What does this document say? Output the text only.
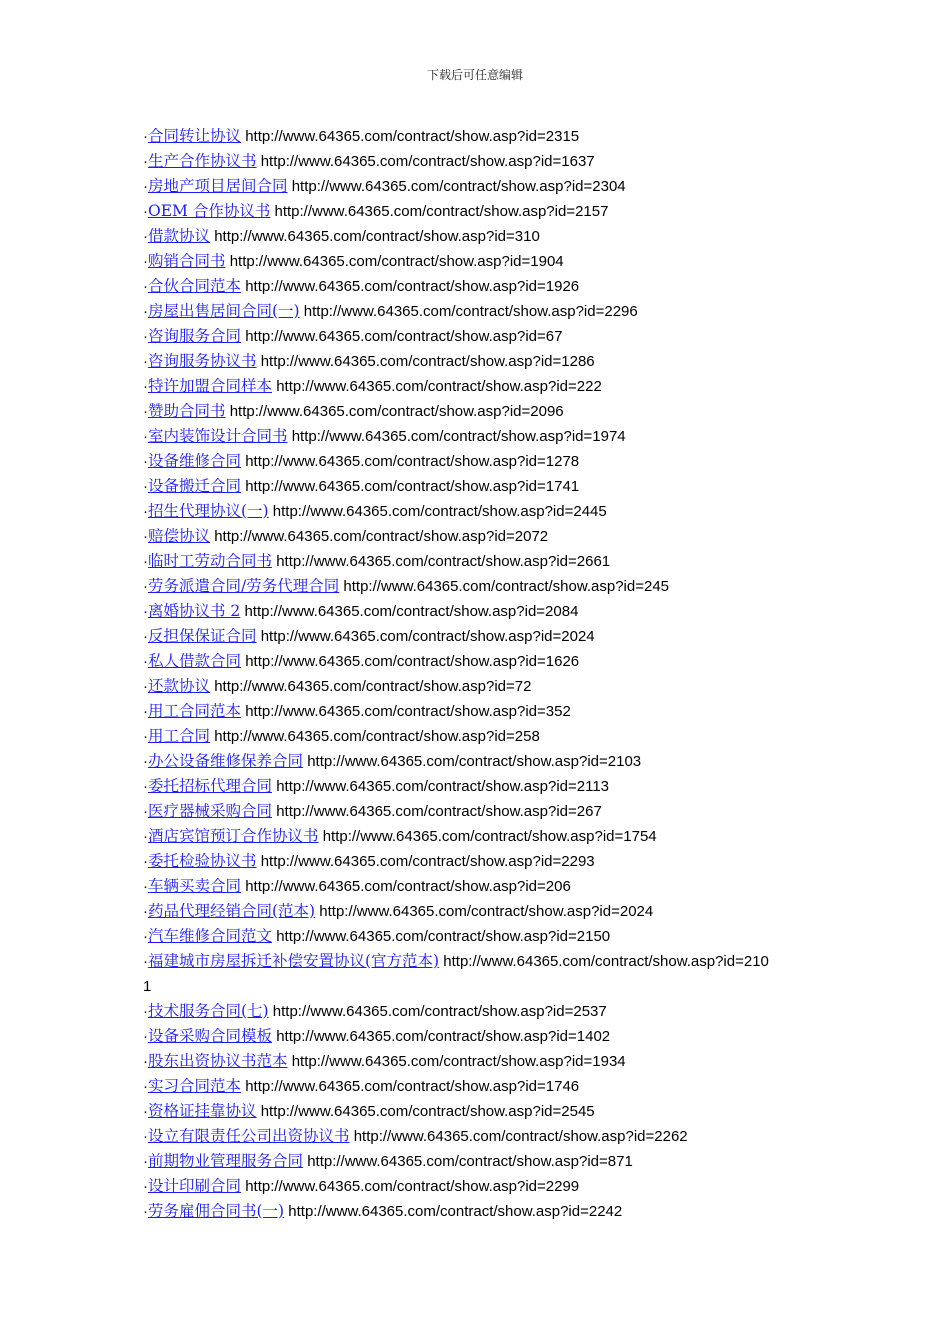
下载后可任意编辑
·合同转让协议 http://www.64365.com/contract/show.asp?id=2315
·生产合作协议书 http://www.64365.com/contract/show.asp?id=1637
·房地产项目居间合同 http://www.64365.com/contract/show.asp?id=2304
·OEM 合作协议书 http://www.64365.com/contract/show.asp?id=2157
·借款协议 http://www.64365.com/contract/show.asp?id=310
·购销合同书 http://www.64365.com/contract/show.asp?id=1904
·合伙合同范本 http://www.64365.com/contract/show.asp?id=1926
·房屋出售居间合同(一) http://www.64365.com/contract/show.asp?id=2296
·咨询服务合同 http://www.64365.com/contract/show.asp?id=67
·咨询服务协议书 http://www.64365.com/contract/show.asp?id=1286
·特许加盟合同样本 http://www.64365.com/contract/show.asp?id=222
·赞助合同书 http://www.64365.com/contract/show.asp?id=2096
·室内装饰设计合同书 http://www.64365.com/contract/show.asp?id=1974
·设备维修合同 http://www.64365.com/contract/show.asp?id=1278
·设备搬迁合同 http://www.64365.com/contract/show.asp?id=1741
·招生代理协议(一) http://www.64365.com/contract/show.asp?id=2445
·赔偿协议 http://www.64365.com/contract/show.asp?id=2072
·临时工劳动合同书 http://www.64365.com/contract/show.asp?id=2661
·劳务派遣合同/劳务代理合同 http://www.64365.com/contract/show.asp?id=245
·离婚协议书 2 http://www.64365.com/contract/show.asp?id=2084
·反担保保证合同 http://www.64365.com/contract/show.asp?id=2024
·私人借款合同 http://www.64365.com/contract/show.asp?id=1626
·还款协议 http://www.64365.com/contract/show.asp?id=72
·用工合同范本 http://www.64365.com/contract/show.asp?id=352
·用工合同 http://www.64365.com/contract/show.asp?id=258
·办公设备维修保养合同 http://www.64365.com/contract/show.asp?id=2103
·委托招标代理合同 http://www.64365.com/contract/show.asp?id=2113
·医疗器械采购合同 http://www.64365.com/contract/show.asp?id=267
·酒店宾馆预订合作协议书 http://www.64365.com/contract/show.asp?id=1754
·委托检验协议书 http://www.64365.com/contract/show.asp?id=2293
·车辆买卖合同 http://www.64365.com/contract/show.asp?id=206
·药品代理经销合同(范本) http://www.64365.com/contract/show.asp?id=2024
·汽车维修合同范文 http://www.64365.com/contract/show.asp?id=2150
·福建城市房屋拆迁补偿安置协议(官方范本) http://www.64365.com/contract/show.asp?id=2101
·技术服务合同(七) http://www.64365.com/contract/show.asp?id=2537
·设备采购合同模板 http://www.64365.com/contract/show.asp?id=1402
·股东出资协议书范本 http://www.64365.com/contract/show.asp?id=1934
·实习合同范本 http://www.64365.com/contract/show.asp?id=1746
·资格证挂靠协议 http://www.64365.com/contract/show.asp?id=2545
·设立有限责任公司出资协议书 http://www.64365.com/contract/show.asp?id=2262
·前期物业管理服务合同 http://www.64365.com/contract/show.asp?id=871
·设计印刷合同 http://www.64365.com/contract/show.asp?id=2299
·劳务雇佣合同书(一) http://www.64365.com/contract/show.asp?id=2242
